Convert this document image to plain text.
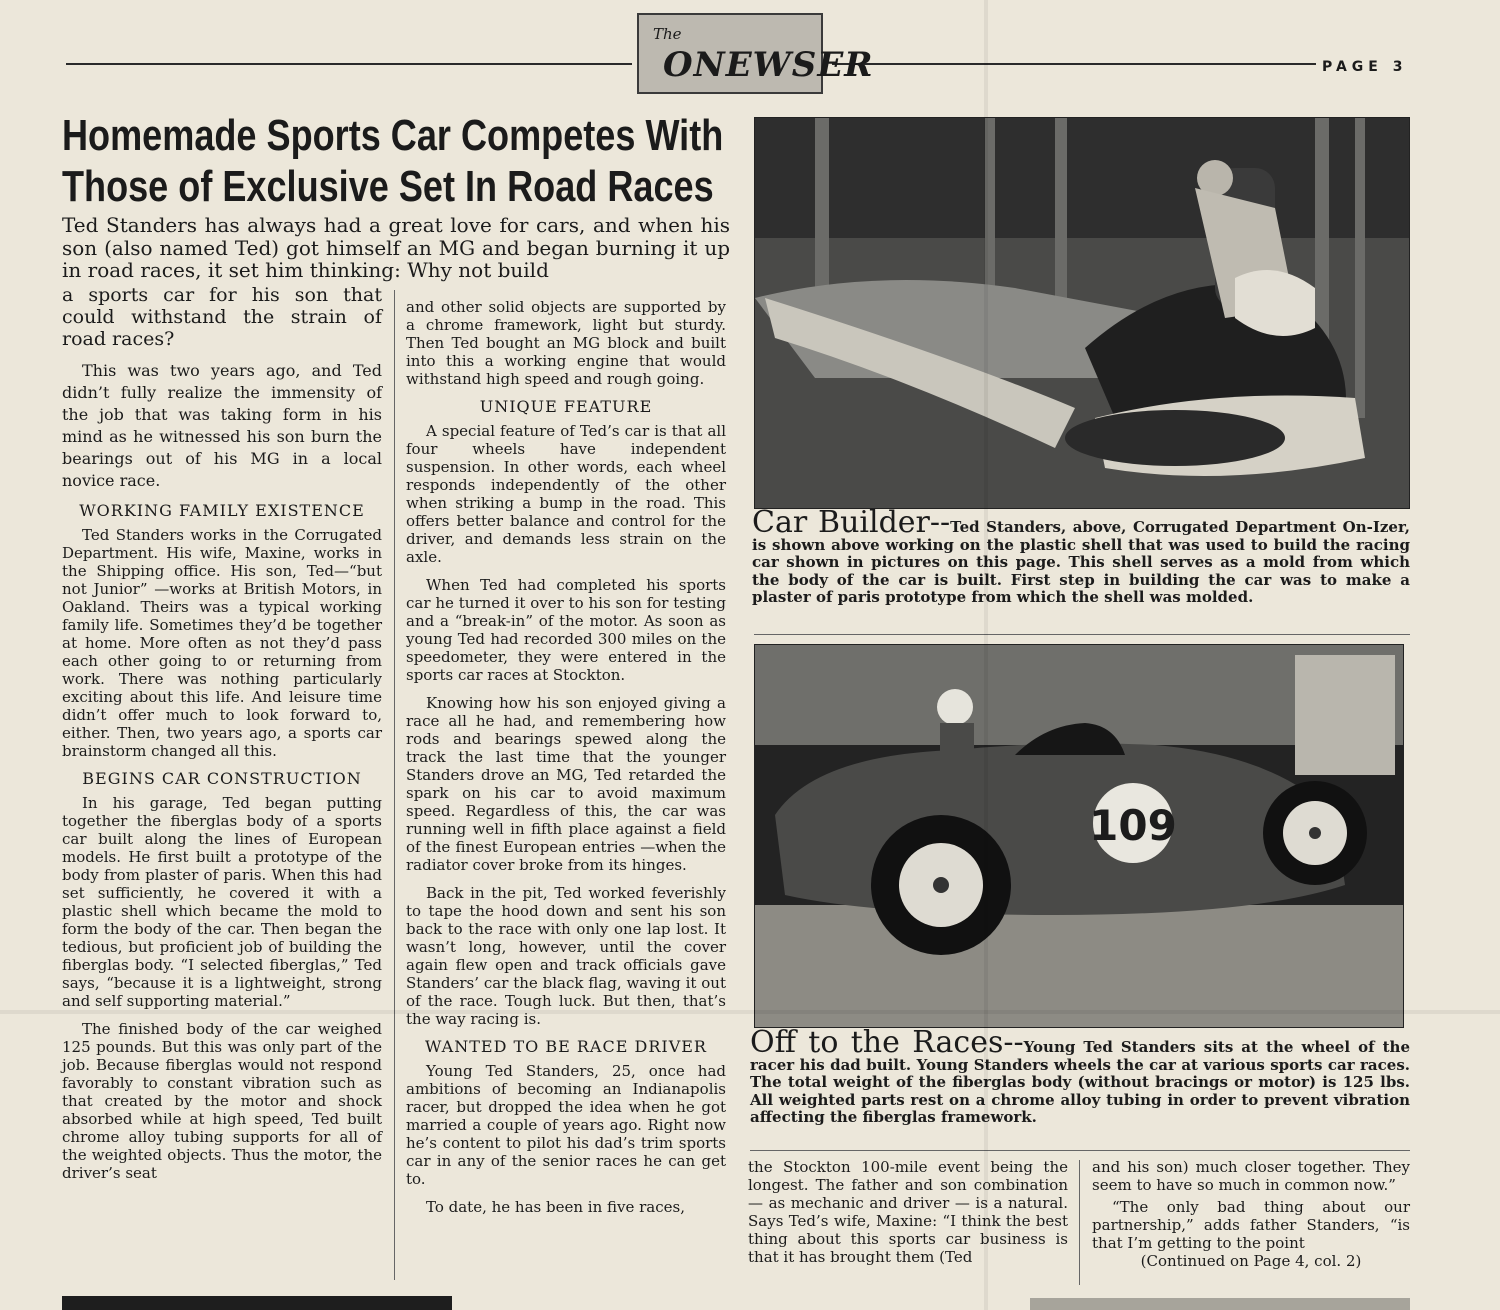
The
ONEWSER	PAGE 3
Homemade Sports Car Competes With
Those of Exclusive Set In Road Races
Ted Standers has always had a great love for cars, and when his son (also named Ted) got himself an MG and began burning it up in road races, it set him thinking: Why not build

a sports car for his son that could withstand the strain of road races?

This was two years ago, and Ted didn’t fully realize the immensity of the job that was taking form in his mind as he witnessed his son burn the bearings out of his MG in a local novice race.

WORKING FAMILY EXISTENCE

Ted Standers works in the Corrugated Department. His wife, Maxine, works in the Shipping office. His son, Ted—“but not Junior” —works at British Motors, in Oakland. Theirs was a typical working family life. Sometimes they’d be together at home. More often as not they’d pass each other going to or returning from work. There was nothing particularly exciting about this life. And leisure time didn’t offer much to look forward to, either. Then, two years ago, a sports car brainstorm changed all this.

BEGINS CAR CONSTRUCTION

In his garage, Ted began putting together the fiberglas body of a sports car built along the lines of European models. He first built a prototype of the body from plaster of paris. When this had set sufficiently, he covered it with a plastic shell which became the mold to form the body of the car. Then began the tedious, but proficient job of building the fiberglas body. “I selected fiberglas,” Ted says, “because it is a lightweight, strong and self supporting material.”

The finished body of the car weighed 125 pounds. But this was only part of the job. Because fiberglas would not respond favorably to constant vibration such as that created by the motor and shock absorbed while at high speed, Ted built chrome alloy tubing supports for all of the weighted objects. Thus the motor, the driver’s seat

and other solid objects are supported by a chrome framework, light but sturdy. Then Ted bought an MG block and built into this a working engine that would withstand high speed and rough going.

UNIQUE FEATURE

A special feature of Ted’s car is that all four wheels have independent suspension. In other words, each wheel responds independently of the other when striking a bump in the road. This offers better balance and control for the driver, and demands less strain on the axle.

When Ted had completed his sports car he turned it over to his son for testing and a “break-in” of the motor. As soon as young Ted had recorded 300 miles on the speedometer, they were entered in the sports car races at Stockton.

Knowing how his son enjoyed giving a race all he had, and remembering how rods and bearings spewed along the track the last time that the younger Standers drove an MG, Ted retarded the spark on his car to avoid maximum speed. Regardless of this, the car was running well in fifth place against a field of the finest European entries —when the radiator cover broke from its hinges.

Back in the pit, Ted worked feverishly to tape the hood down and sent his son back to the race with only one lap lost. It wasn’t long, however, until the cover again flew open and track officials gave Standers’ car the black flag, waving it out of the race. Tough luck. But then, that’s the way racing is.

WANTED TO BE RACE DRIVER

Young Ted Standers, 25, once had ambitions of becoming an Indianapolis racer, but dropped the idea when he got married a couple of years ago. Right now he’s content to pilot his dad’s trim sports car in any of the senior races he can get to.

To date, he has been in five races,

Car Builder--Ted Standers, above, Corrugated Department On-Izer, is shown above working on the plastic shell that was used to build the racing car shown in pictures on this page. This shell serves as a mold from which the body of the car is built. First step in building the car was to make a plaster of paris prototype from which the shell was molded.
109
Off to the Races--Young Ted Standers sits at the wheel of the racer his dad built. Young Standers wheels the car at various sports car races. The total weight of the fiberglas body (without bracings or motor) is 125 lbs. All weighted parts rest on a chrome alloy tubing in order to prevent vibration affecting the fiberglas framework.

the Stockton 100-mile event being the longest. The father and son combination — as mechanic and driver — is a natural. Says Ted’s wife, Maxine: “I think the best thing about this sports car business is that it has brought them (Ted

and his son) much closer together. They seem to have so much in common now.”

“The only bad thing about our partnership,” adds father Standers, “is that I’m getting to the point

(Continued on Page 4, col. 2)
